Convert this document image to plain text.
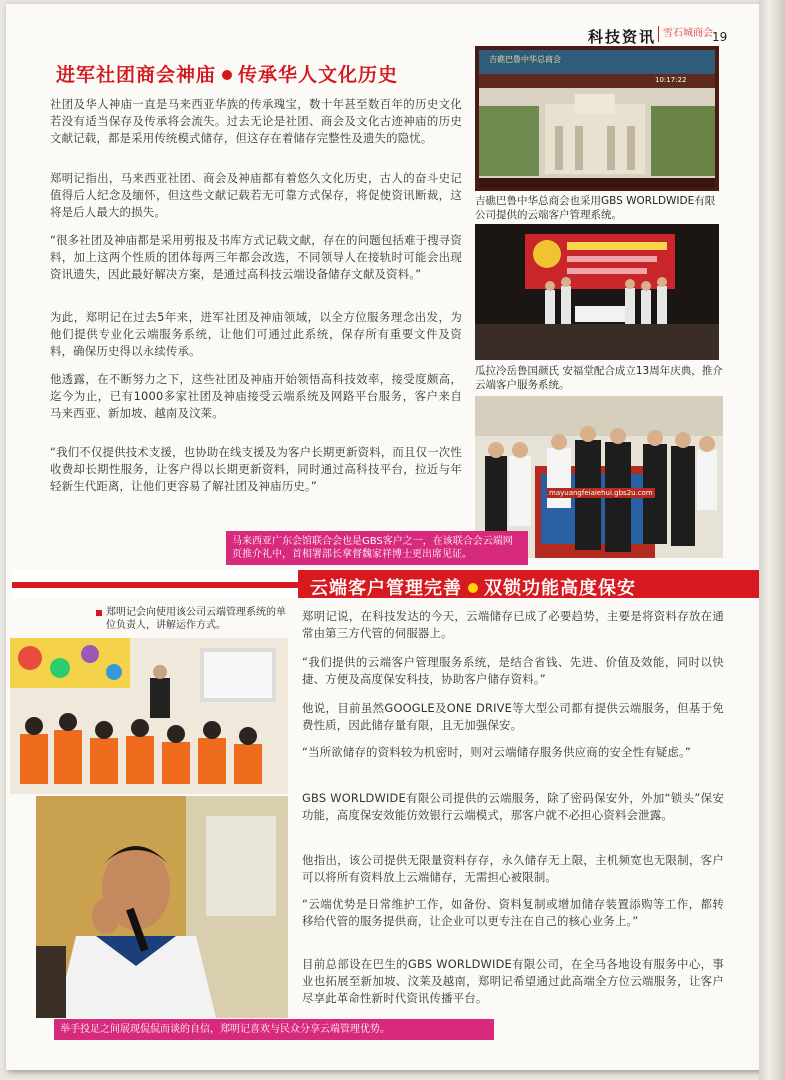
科技资讯 雪石城商会 19
进军社团商会神庙 传承华人文化历史
社团及华人神庙一直是马来西亚华族的传承瑰宝，数十年甚至数百年的历史文化若没有适当保存及传承将会流失。过去无论是社团、商会及文化古迹神庙的历史文献记载，都是采用传统模式储存，但这存在着储存完整性及遗失的隐忧。
郑明记指出，马来西亚社团、商会及神庙都有着悠久文化历史，古人的奋斗史记值得后人纪念及缅怀，但这些文献记载若无可靠方式保存，将促使资讯断裁，这将是后人最大的损失。
“很多社团及神庙都是采用剪报及书库方式记载文献，存在的问题包括难于搜寻资料，加上这两个性质的团体每两三年都会改选，不同领导人在接轨时可能会出现资讯遗失，因此最好解决方案，是通过高科技云端设备储存文献及资料。”
为此，郑明记在过去5年来，进军社团及神庙领域，以全方位服务理念出发，为他们提供专业化云端服务系统，让他们可通过此系统，保存所有重要文件及资料，确保历史得以永续传承。
他透露，在不断努力之下，这些社团及神庙开始领悟高科技效率，接受度颇高，迄今为止，已有1000多家社团及神庙接受云端系统及网路平台服务，客户来自马来西亚、新加坡、越南及汶莱。
“我们不仅提供技术支援，也协助在线支援及为客户长期更新资料，而且仅一次性收费却长期性服务，让客户得以长期更新资料，同时通过高科技平台，拉近与年轻新生代距离，让他们更容易了解社团及神庙历史。”
吉礁巴鲁中华总商会
10:17:22
吉礁巴鲁中华总商会也采用GBS WORLDWIDE有限公司提供的云端客户管理系统。
瓜拉冷岳鲁国颜氏 安福堂配合成立13周年庆典，推介云端客户服务系统。
mayuangfeiaiehui.gbs2u.com
马来西亚广东会馆联合会也是GBS客户之一，在该联合会云端网页推介礼中，首相署部长拿督魏家祥博士更出席见证。
云端客户管理完善 双锁功能高度保安
郑明记会向使用该公司云端管理系统的单位负责人，讲解运作方式。
举手投足之间展现侃侃而谈的自信，郑明记喜欢与民众分享云端管理优势。
郑明记说，在科技发达的今天，云端储存已成了必要趋势，主要是将资料存放在通常由第三方代管的伺服器上。
“我们提供的云端客户管理服务系统，是结合省钱、先进、价值及效能，同时以快捷、方便及高度保安科技，协助客户储存资料。”
他说，目前虽然GOOGLE及ONE DRIVE等大型公司都有提供云端服务，但基于免费性质，因此储存量有限，且无加强保安。
“当所欲储存的资料较为机密时，则对云端储存服务供应商的安全性有疑虑。”
GBS WORLDWIDE有限公司提供的云端服务，除了密码保安外，外加“锁头”保安功能，高度保安效能仿效银行云端模式，那客户就不必担心资料会泄露。
他指出，该公司提供无限量资料存存，永久储存无上限，主机频宽也无限制，客户可以将所有资料放上云端储存，无需担心被限制。
“云端优势是日常维护工作，如备份、资料复制或增加储存装置添购等工作，都转移给代管的服务提供商，让企业可以更专注在自己的核心业务上。”
目前总部设在巴生的GBS WORLDWIDE有限公司，在全马各地设有服务中心，事业也拓展至新加坡、汶莱及越南，郑明记希望通过此高端全方位云端服务，让客户尽享此革命性新时代资讯传播平台。
